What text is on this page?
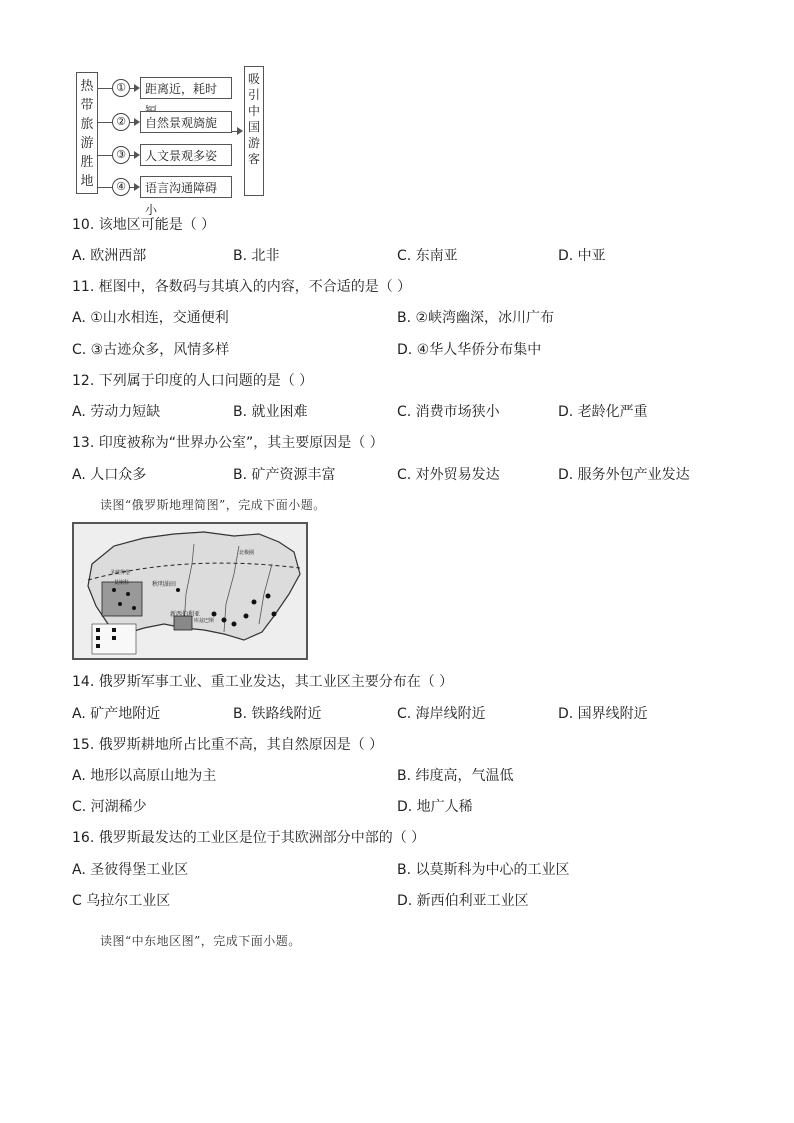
热带旅游胜地
①
②
③
④
距离近，耗时
自然景观旖旎
人文景观多姿
语言沟通障碍小
吸引中国游客
10. 该地区可能是（ ）
A. 欧洲西部	B. 北非	C. 东南亚	D. 中亚
11. 框图中，各数码与其填入的内容，不合适的是（ ）
A. ①山水相连，交通便利	B. ②峡湾幽深，冰川广布
C. ③古迹众多，风情多样	D. ④华人华侨分布集中
12. 下列属于印度的人口问题的是（ ）
A. 劳动力短缺	B. 就业困难	C. 消费市场狭小	D. 老龄化严重
13. 印度被称为“世界办公室”，其主要原因是（ ）
A. 人口众多	B. 矿产资源丰富	C. 对外贸易发达	D. 服务外包产业发达
读图“俄罗斯地理简图”，完成下面小题。
秋明油田
新西伯利亚
莫斯科
圣彼得堡
北极圈
库兹巴斯
14. 俄罗斯军事工业、重工业发达，其工业区主要分布在（ ）
A. 矿产地附近	B. 铁路线附近	C. 海岸线附近	D. 国界线附近
15. 俄罗斯耕地所占比重不高，其自然原因是（ ）
A. 地形以高原山地为主	B. 纬度高，气温低
C. 河湖稀少	D. 地广人稀
16. 俄罗斯最发达的工业区是位于其欧洲部分中部的（ ）
A. 圣彼得堡工业区	B. 以莫斯科为中心的工业区
C 乌拉尔工业区	D. 新西伯利亚工业区
读图“中东地区图”，完成下面小题。
